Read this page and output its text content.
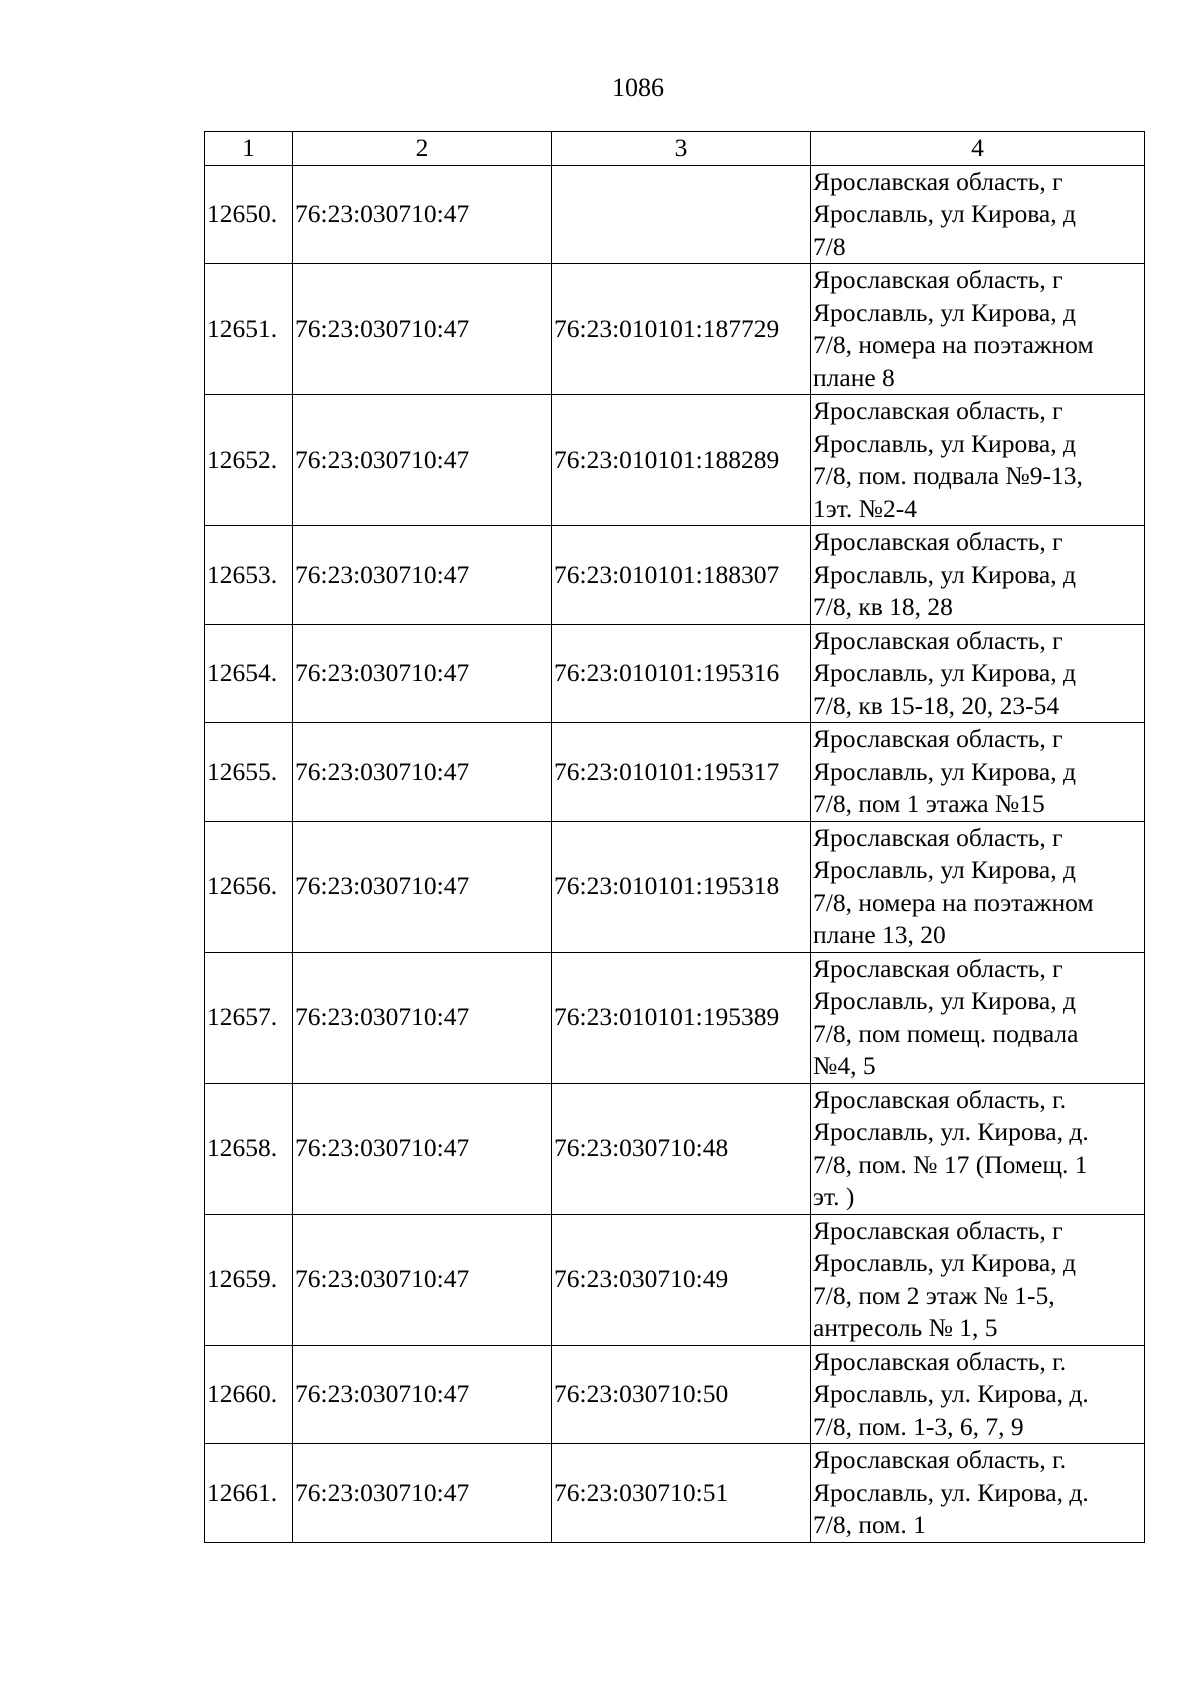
1086
1	2	3	4
12650.	76:23:030710:47		Ярославская область, г
Ярославль, ул Кирова, д
7/8

12651.	76:23:030710:47	76:23:010101:187729	Ярославская область, г
Ярославль, ул Кирова, д
7/8, номера на поэтажном
плане 8

12652.	76:23:030710:47	76:23:010101:188289	Ярославская область, г
Ярославль, ул Кирова, д
7/8, пом. подвала №9-13,
1эт. №2-4

12653.	76:23:030710:47	76:23:010101:188307	Ярославская область, г
Ярославль, ул Кирова, д
7/8, кв 18, 28

12654.	76:23:030710:47	76:23:010101:195316	Ярославская область, г
Ярославль, ул Кирова, д
7/8, кв 15-18, 20, 23-54

12655.	76:23:030710:47	76:23:010101:195317	Ярославская область, г
Ярославль, ул Кирова, д
7/8, пом 1 этажа №15

12656.	76:23:030710:47	76:23:010101:195318	Ярославская область, г
Ярославль, ул Кирова, д
7/8, номера на поэтажном
плане 13, 20

12657.	76:23:030710:47	76:23:010101:195389	Ярославская область, г
Ярославль, ул Кирова, д
7/8, пом помещ. подвала
№4, 5

12658.	76:23:030710:47	76:23:030710:48	Ярославская область, г.
Ярославль, ул. Кирова, д.
7/8, пом. № 17 (Помещ. 1
эт. )

12659.	76:23:030710:47	76:23:030710:49	Ярославская область, г
Ярославль, ул Кирова, д
7/8, пом 2 этаж № 1-5,
антресоль № 1, 5

12660.	76:23:030710:47	76:23:030710:50	Ярославская область, г.
Ярославль, ул. Кирова, д.
7/8, пом. 1-3, 6, 7, 9

12661.	76:23:030710:47	76:23:030710:51	Ярославская область, г.
Ярославль, ул. Кирова, д.
7/8, пом. 1
